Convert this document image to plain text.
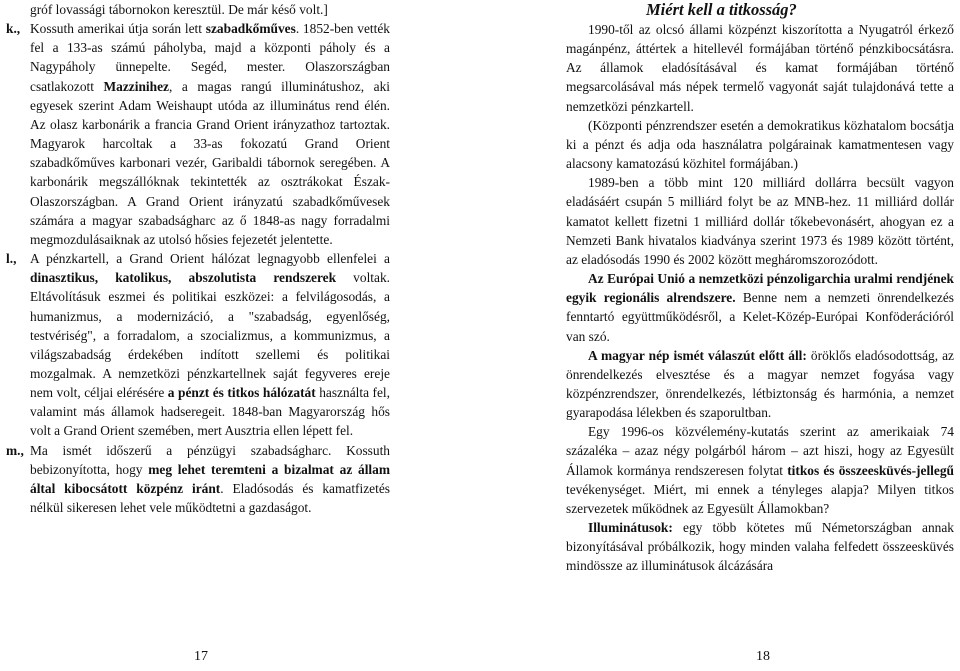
gróf lovassági tábornokon keresztül. De már késő volt.]

k., Kossuth amerikai útja során lett szabadkőműves. 1852-ben vették fel a 133-as számú páholyba, majd a központi páholy és a Nagypáholy ünnepelte. Segéd, mester. Olaszországban csatlakozott Mazzinihez, a magas rangú illuminátushoz, aki egyesek szerint Adam Weishaupt utóda az illuminátus rend élén. Az olasz karbonárik a francia Grand Orient irányzathoz tartoztak. Magyarok harcoltak a 33-as fokozatú Grand Orient szabadkőműves karbonari vezér, Garibaldi tábornok seregében. A karbonárik megszállóknak tekintették az osztrákokat Észak-Olaszországban. A Grand Orient irányzatú szabadkőművesek számára a magyar szabadságharc az ő 1848-as nagy forradalmi megmozdulásaiknak az utolsó hősies fejezetét jelentette.
l.,	A pénzkartell, a Grand Orient hálózat legnagyobb ellenfelei a dinasztikus, katolikus, abszolutista rendszerek voltak. Eltávolításuk eszmei és politikai eszközei: a felvilágosodás, a humanizmus, a modernizáció, a "szabadság, egyenlőség, testvériség", a forradalom, a szocializmus, a kommunizmus, a világszabadság érdekében indított szellemi és politikai mozgalmak. A nemzetközi pénzkartellnek saját fegyveres ereje nem volt, céljai elérésére a pénzt és titkos hálózatát használta fel, valamint más államok hadseregeit. 1848-ban Magyarország hős volt a Grand Orient szemében, mert Ausztria ellen lépett fel.
m., Ma ismét időszerű a pénzügyi szabadságharc. Kossuth bebizonyította, hogy meg lehet teremteni a bizalmat az állam által kibocsátott közpénz iránt. Eladósodás és kamatfizetés nélkül sikeresen lehet vele működtetni a gazdaságot.
17
Miért kell a titkosság?

1990-től az olcsó állami közpénzt kiszorította a Nyugatról érkező magánpénz, áttértek a hitellevél formájában történő pénzkibocsátásra. Az államok eladósításával és kamat formájában történő megsarcolásával más népek termelő vagyonát saját tulajdonává tette a nemzetközi pénzkartell.

(Központi pénzrendszer esetén a demokratikus közhatalom bocsátja ki a pénzt és adja oda használatra polgárainak kamatmentesen vagy alacsony kamatozású közhitel formájában.)

1989-ben a több mint 120 milliárd dollárra becsült vagyon eladásáért csupán 5 milliárd folyt be az MNB-hez. 11 milliárd dollár kamatot kellett fizetni 1 milliárd dollár tőkebevonásért, ahogyan ez a Nemzeti Bank hivatalos kiadványa szerint 1973 és 1989 között történt, az eladósodás 1990 és 2002 között megháromszorozódott.

Az Európai Unió a nemzetközi pénzoligarchia uralmi rendjének egyik regionális alrendszere. Benne nem a nemzeti önrendelkezés fenntartó együttműködésről, a Kelet-Közép-Európai Konföderációról van szó.

A magyar nép ismét válaszút előtt áll: öröklős eladósodottság, az önrendelkezés elvesztése és a magyar nemzet fogyása vagy közpénzrendszer, önrendelkezés, létbiztonság és harmónia, a nemzet gyarapodása lélekben és szaporultban.

Egy 1996-os közvélemény-kutatás szerint az amerikaiak 74 százaléka – azaz négy polgárból három – azt hiszi, hogy az Egyesült Államok kormánya rendszeresen folytat titkos és összeesküvés-jellegű tevékenységet. Miért, mi ennek a tényleges alapja? Milyen titkos szervezetek működnek az Egyesült Államokban?

Illuminátusok: egy több kötetes mű Németországban annak bizonyításával próbálkozik, hogy minden valaha felfedett összeesküvés mindössze az illuminátusok álcázására

18
